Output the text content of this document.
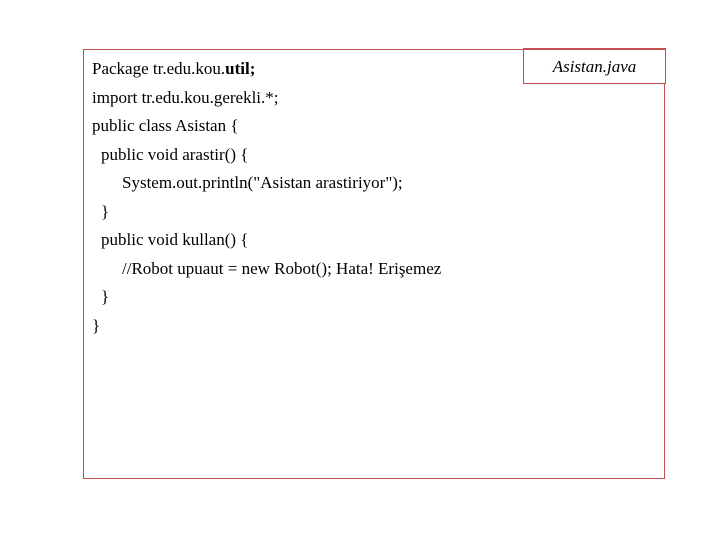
Package tr.edu.kou.util;
import tr.edu.kou.gerekli.*;
public class Asistan {
public void arastir() {
System.out.println("Asistan arastiriyor");
}
public void kullan() {
//Robot upuaut = new Robot(); Hata! Erişemez
}
}
Asistan.java
